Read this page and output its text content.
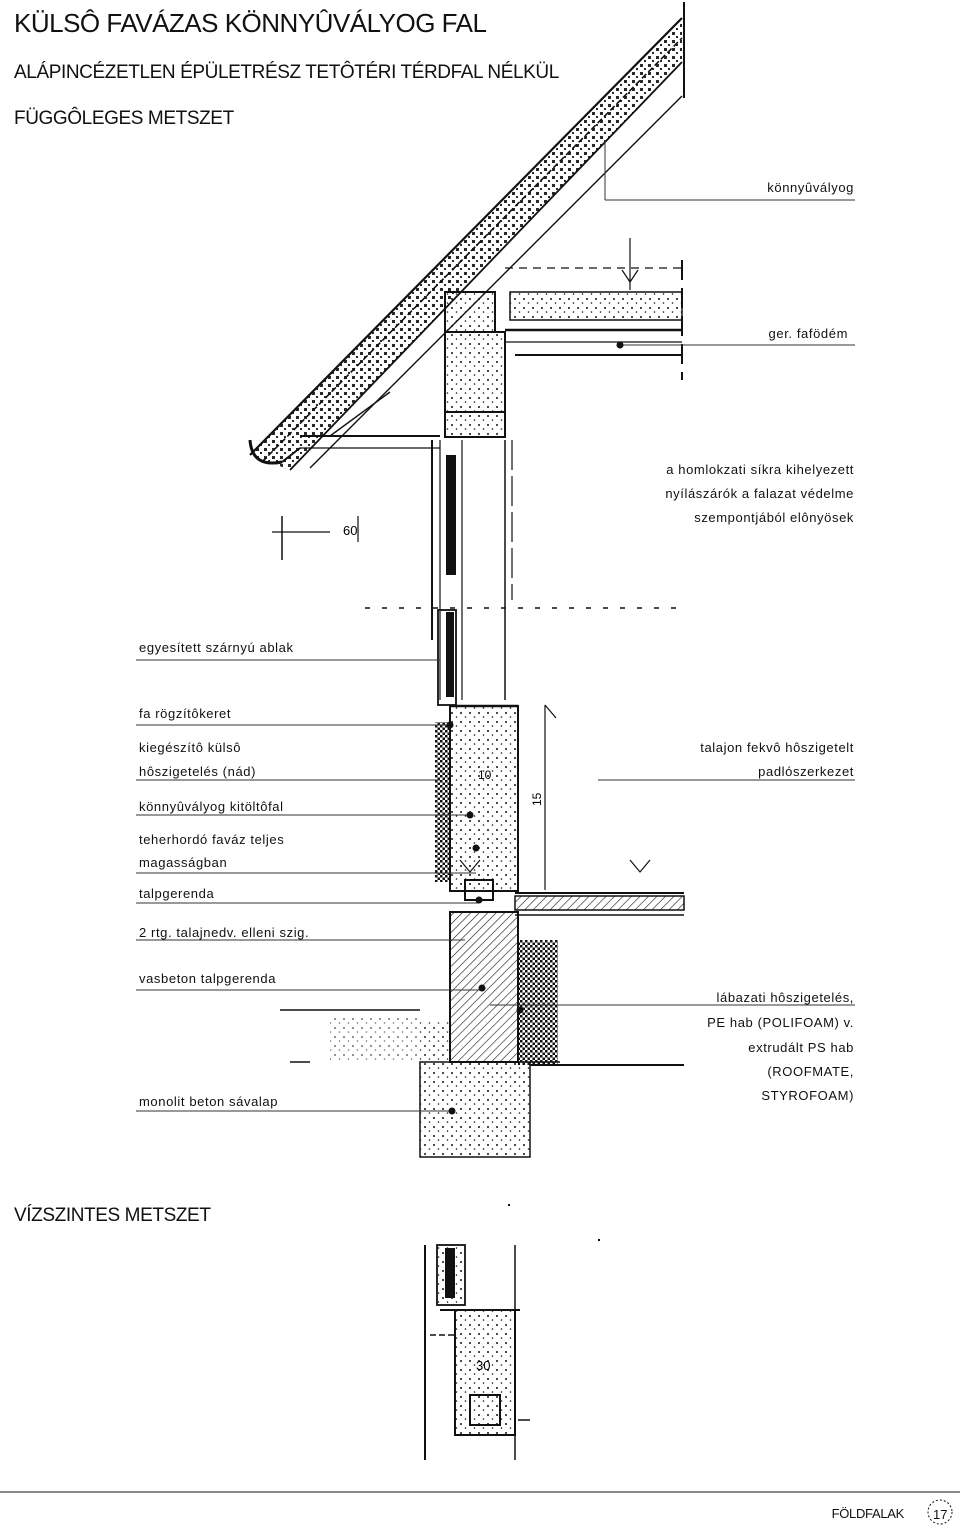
60
10
15
30
KÜLSÔ FAVÁZAS KÖNNYÛVÁLYOG FAL
ALÁPINCÉZETLEN ÉPÜLETRÉSZ TETÔTÉRI TÉRDFAL NÉLKÜL
FÜGGÔLEGES METSZET
könnyûvályog
ger. fafödém
a homlokzati síkra kihelyezett
nyílászárók a falazat védelme
szempontjából elônyösek
talajon fekvô hôszigetelt
padlószerkezet
lábazati hôszigetelés,
PE hab (POLIFOAM) v.
extrudált PS hab
(ROOFMATE,
STYROFOAM)
egyesített szárnyú ablak
fa rögzítôkeret
kiegészítô külsô
hôszigetelés (nád)
könnyûvályog kitöltôfal
teherhordó faváz teljes
magasságban
talpgerenda
2 rtg. talajnedv. elleni szig.
vasbeton talpgerenda
monolit beton sávalap
VÍZSZINTES METSZET
FÖLDFALAK 17
